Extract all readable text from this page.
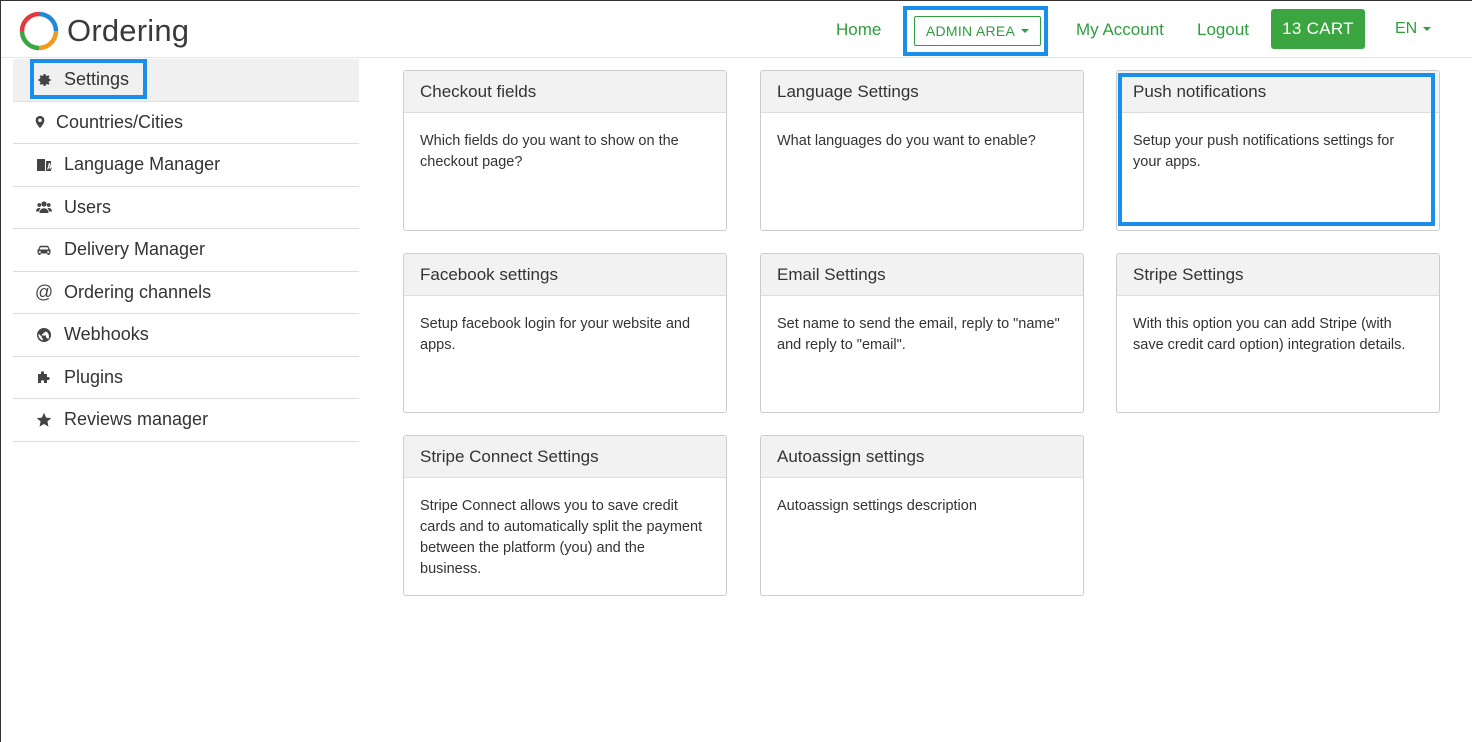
Ordering	Home	ADMIN AREA	My Account Logout	13 CART	EN
Settings
Countries/Cities
Language Manager
Users
Delivery Manager
@ Ordering channels
Webhooks
Plugins
Reviews manager
Checkout fields
Which fields do you want to show on the checkout page?
Language Settings
What languages do you want to enable?
Push notifications
Setup your push notifications settings for your apps.
Facebook settings
Setup facebook login for your website and apps.
Email Settings
Set name to send the email, reply to "name" and reply to "email".
Stripe Settings
With this option you can add Stripe (with save credit card option) integration details.
Stripe Connect Settings
Stripe Connect allows you to save credit cards and to automatically split the payment between the platform (you) and the business.
Autoassign settings
Autoassign settings description
